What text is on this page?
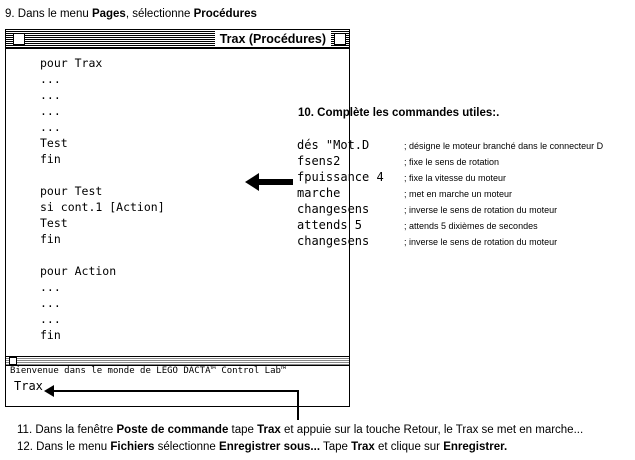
9. Dans le menu Pages, sélectionne Procédures
Trax (Procédures)
pour Trax
...
...
...
...
Test
fin
pour Test
si cont.1 [Action]
Test
fin
pour Action
...
...
...
fin
Bienvenue dans le monde de LEGO DACTA™ Control Lab™
Trax
10. Complète les commandes utiles:.
dés "Mot.D	; désigne le moteur branché dans le connecteur D
fsens2	; fixe le sens de rotation
fpuissance 4 ; fixe la vitesse du moteur
marche	; met en marche un moteur
changesens	; inverse le sens de rotation du moteur
attends 5	; attends 5 dixièmes de secondes
changesens	; inverse le sens de rotation du moteur
11. Dans la fenêtre Poste de commande tape Trax et appuie sur la touche Retour, le Trax se met en marche...
12. Dans le menu Fichiers sélectionne Enregistrer sous... Tape Trax et clique sur Enregistrer.
